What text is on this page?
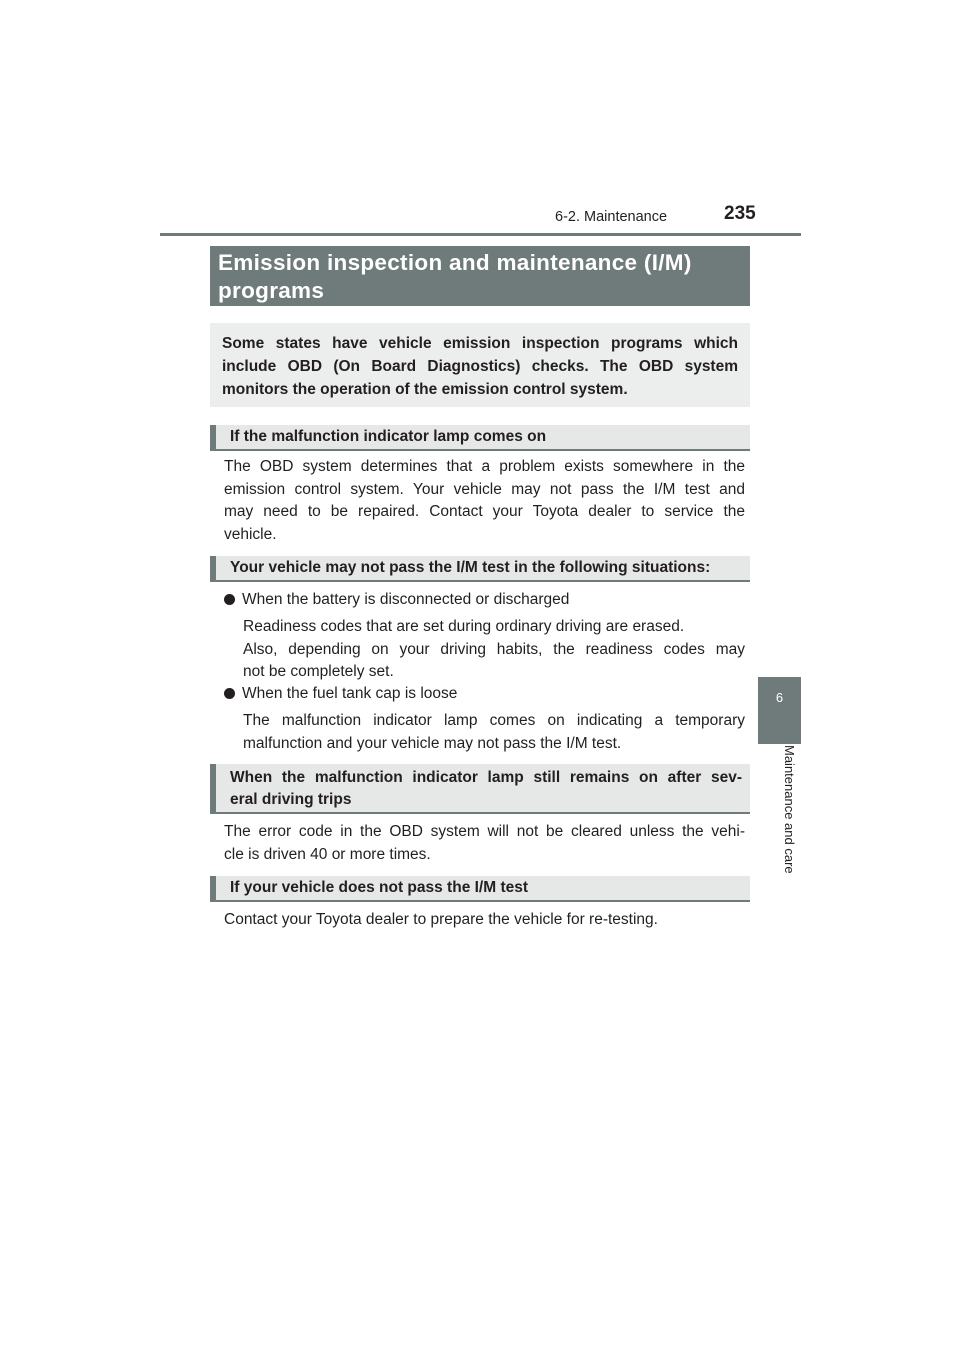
6-2. Maintenance	235
6
Maintenance and care
Emission inspection and maintenance (I/M)
programs
Some states have vehicle emission inspection programs which
include OBD (On Board Diagnostics) checks. The OBD system
monitors the operation of the emission control system.
If the malfunction indicator lamp comes on
The OBD system determines that a problem exists somewhere in the
emission control system. Your vehicle may not pass the I/M test and
may need to be repaired. Contact your Toyota dealer to service the
vehicle.
Your vehicle may not pass the I/M test in the following situations:
When the battery is disconnected or discharged
Readiness codes that are set during ordinary driving are erased.
Also, depending on your driving habits, the readiness codes may
not be completely set.
When the fuel tank cap is loose
The malfunction indicator lamp comes on indicating a temporary
malfunction and your vehicle may not pass the I/M test.
When the malfunction indicator lamp still remains on after sev-
eral driving trips
The error code in the OBD system will not be cleared unless the vehi-
cle is driven 40 or more times.
If your vehicle does not pass the I/M test
Contact your Toyota dealer to prepare the vehicle for re-testing.
